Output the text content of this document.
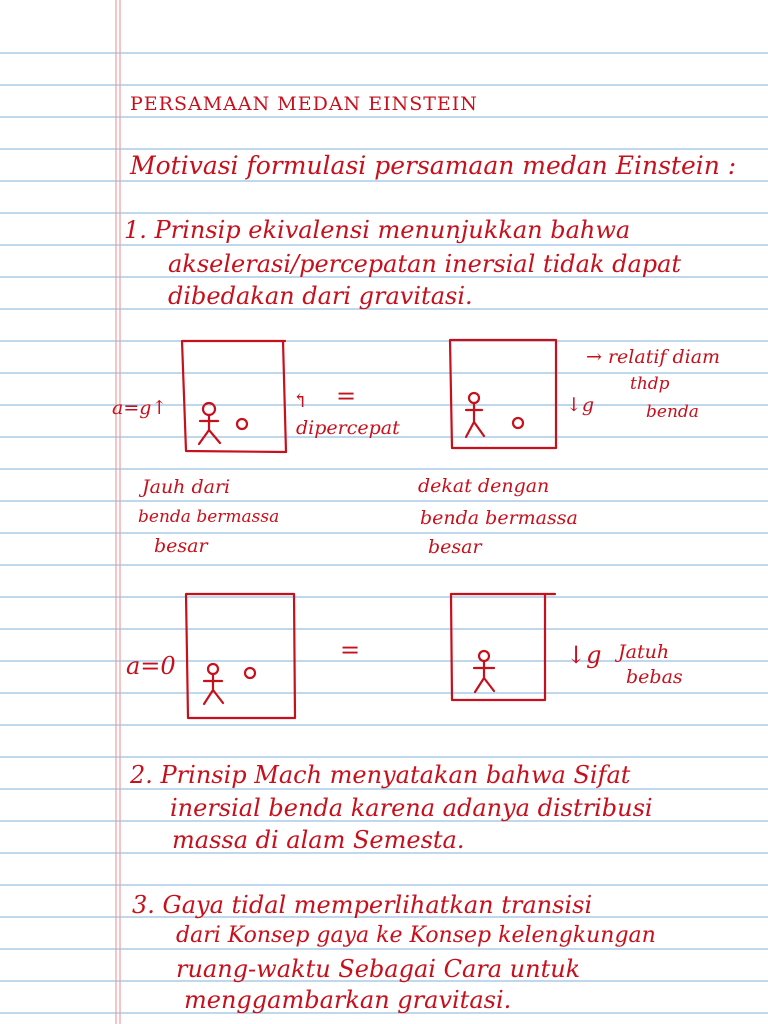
PERSAMAAN MEDAN EINSTEIN
Motivasi formulasi persamaan medan Einstein :
1. Prinsip ekivalensi menunjukkan bahwa
akselerasi/percepatan inersial tidak dapat
dibedakan dari gravitasi.
a=g↑	↰ =
dipercepat
↓g
→ relatif diam
thdp
benda
Jauh dari
benda bermassa
besar
dekat dengan
benda bermassa
besar
a=0
=	↓g Jatuh
bebas
2. Prinsip Mach menyatakan bahwa Sifat
inersial benda karena adanya distribusi
massa di alam Semesta.
3. Gaya tidal memperlihatkan transisi
dari Konsep gaya ke Konsep kelengkungan
ruang-waktu Sebagai Cara untuk
menggambarkan gravitasi.
